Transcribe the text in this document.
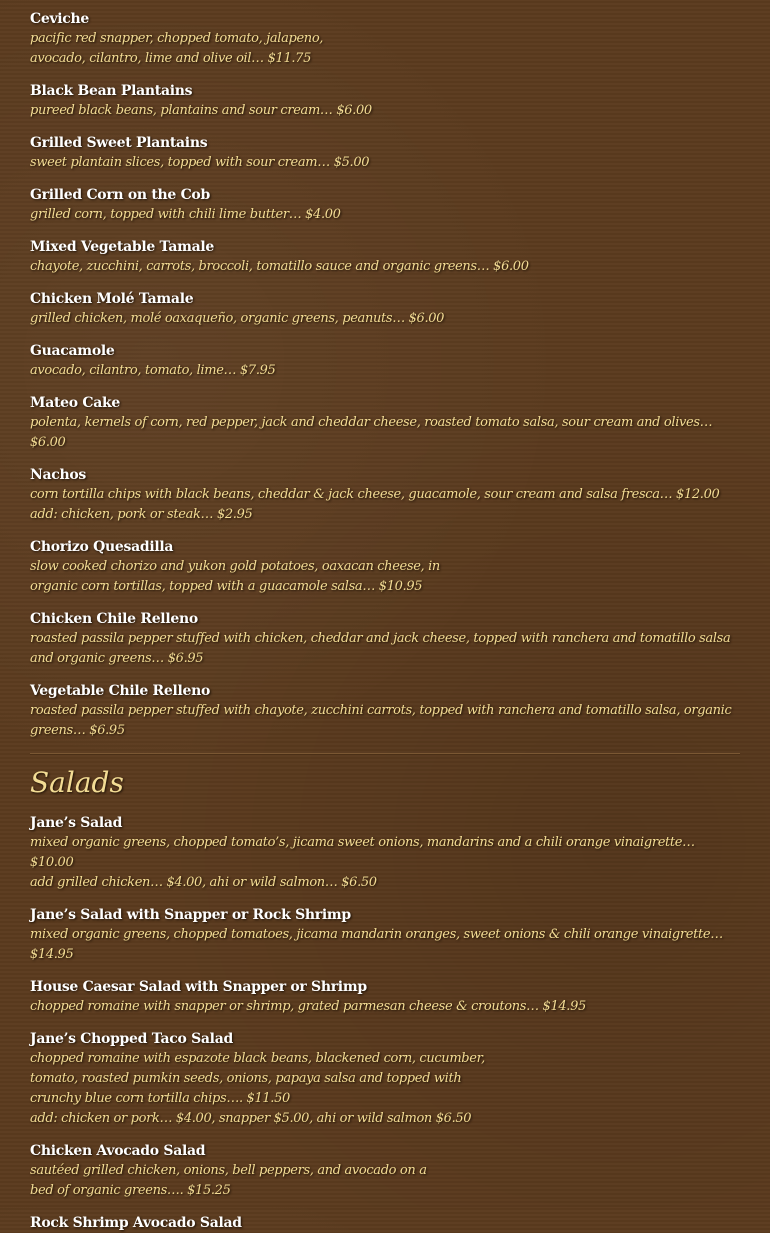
Ceviche
pacific red snapper, chopped tomato, jalapeno,
avocado, cilantro, lime and olive oil… $11.75
Black Bean Plantains
pureed black beans, plantains and sour cream… $6.00
Grilled Sweet Plantains
sweet plantain slices, topped with sour cream… $5.00
Grilled Corn on the Cob
grilled corn, topped with chili lime butter… $4.00
Mixed Vegetable Tamale
chayote, zucchini, carrots, broccoli, tomatillo sauce and organic greens… $6.00
Chicken Molé Tamale
grilled chicken, molé oaxaqueño, organic greens, peanuts… $6.00
Guacamole
avocado, cilantro, tomato, lime… $7.95
Mateo Cake
polenta, kernels of corn, red pepper, jack and cheddar cheese, roasted tomato salsa, sour cream and olives…
$6.00
Nachos
corn tortilla chips with black beans, cheddar & jack cheese, guacamole, sour cream and salsa fresca… $12.00
add: chicken, pork or steak… $2.95
Chorizo Quesadilla
slow cooked chorizo and yukon gold potatoes, oaxacan cheese, in
organic corn tortillas, topped with a guacamole salsa… $10.95
Chicken Chile Relleno
roasted passila pepper stuffed with chicken, cheddar and jack cheese, topped with ranchera and tomatillo salsa
and organic greens… $6.95
Vegetable Chile Relleno
roasted passila pepper stuffed with chayote, zucchini carrots, topped with ranchera and tomatillo salsa, organic
greens… $6.95
Salads
Jane’s Salad
mixed organic greens, chopped tomato’s, jicama sweet onions, mandarins and a chili orange vinaigrette… $10.00
add grilled chicken… $4.00, ahi or wild salmon… $6.50
Jane’s Salad with Snapper or Rock Shrimp
mixed organic greens, chopped tomatoes, jicama mandarin oranges, sweet onions & chili orange vinaigrette…
$14.95
House Caesar Salad with Snapper or Shrimp
chopped romaine with snapper or shrimp, grated parmesan cheese & croutons… $14.95
Jane’s Chopped Taco Salad
chopped romaine with espazote black beans, blackened corn, cucumber,
tomato, roasted pumkin seeds, onions, papaya salsa and topped with
crunchy blue corn tortilla chips…. $11.50
add: chicken or pork… $4.00, snapper $5.00, ahi or wild salmon $6.50
Chicken Avocado Salad
sautéed grilled chicken, onions, bell peppers, and avocado on a
bed of organic greens…. $15.25
Rock Shrimp Avocado Salad
